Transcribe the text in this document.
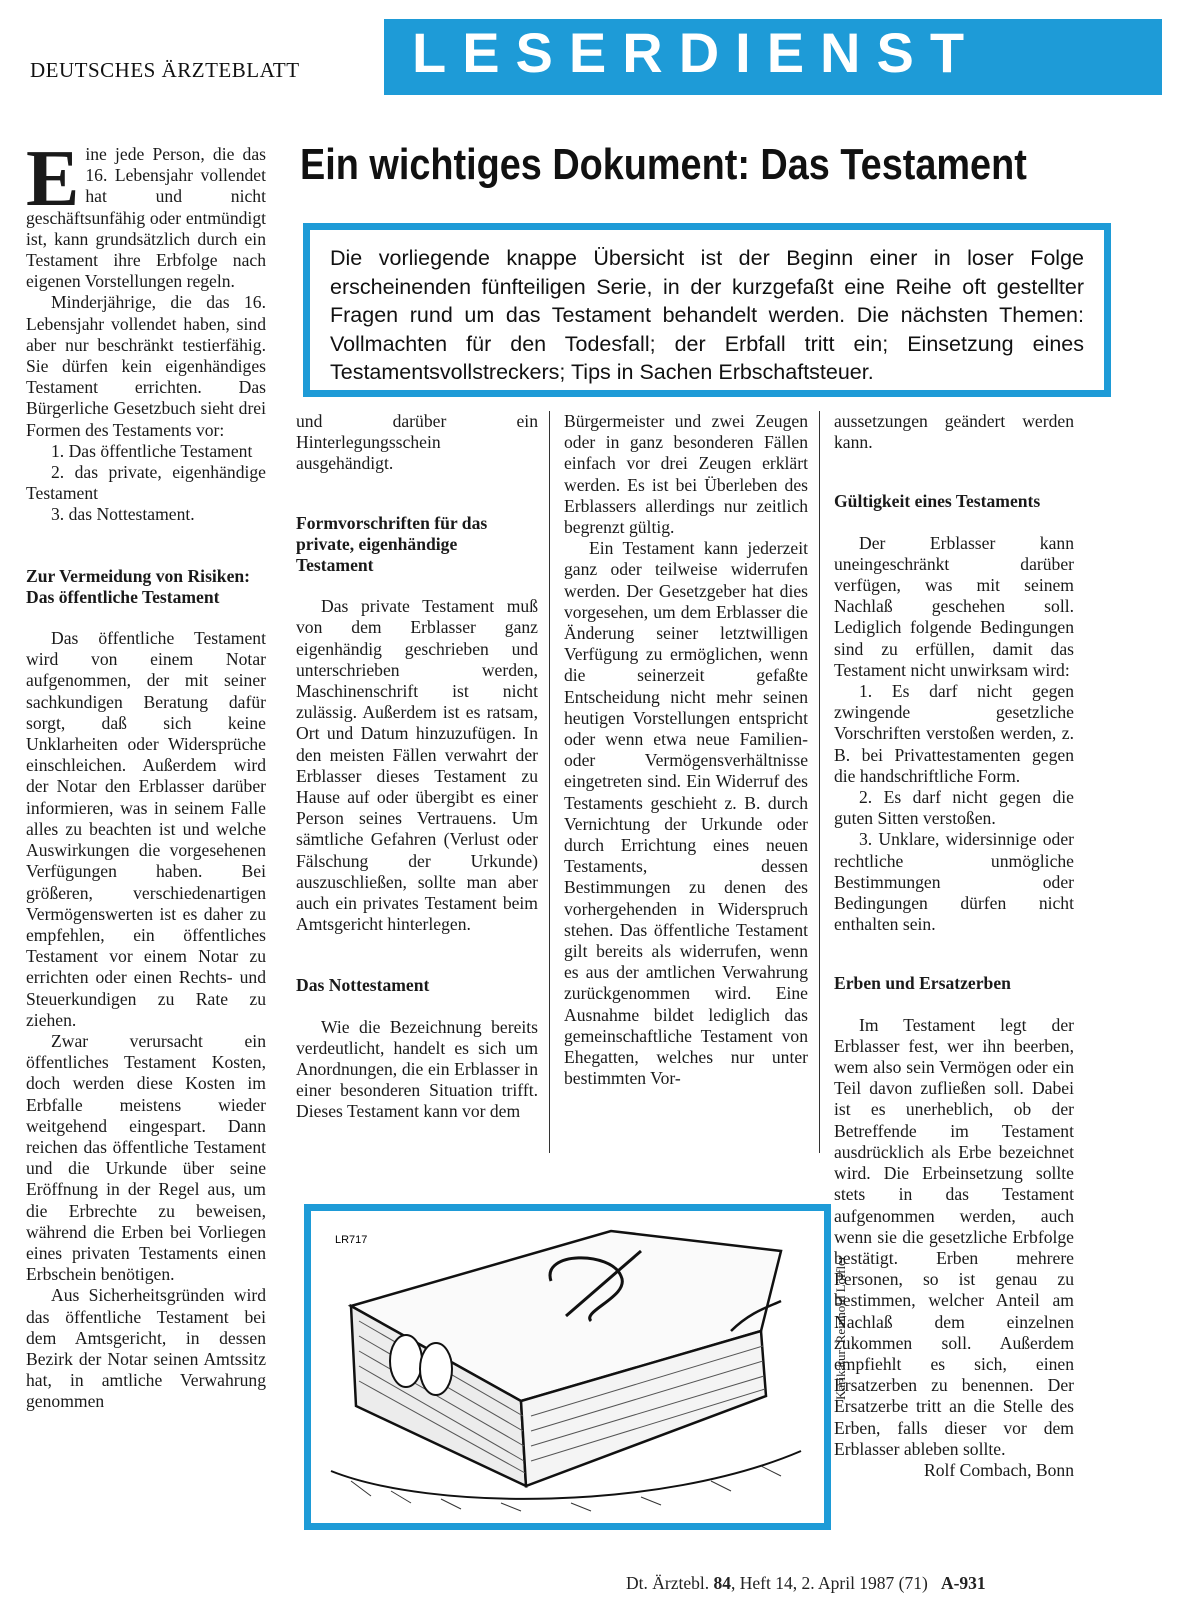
DEUTSCHES ÄRZTEBLATT LESERDIENST
Ein wichtiges Dokument: Das Testament

Die vorliegende knappe Übersicht ist der Beginn einer in loser Folge erscheinenden fünfteiligen Serie, in der kurzgefaßt eine Reihe oft gestellter Fragen rund um das Testament behandelt werden. Die nächsten Themen: Vollmachten für den Todesfall; der Erbfall tritt ein; Einsetzung eines Testamentsvollstreckers; Tips in Sachen Erbschaftsteuer.

Eine jede Person, die das 16. Lebensjahr vollendet hat und nicht geschäftsunfähig oder entmündigt ist, kann grundsätzlich durch ein Testament ihre Erbfolge nach eigenen Vorstellungen regeln.

Minderjährige, die das 16. Lebensjahr vollendet haben, sind aber nur beschränkt testierfähig. Sie dürfen kein eigenhändiges Testament errichten. Das Bürgerliche Gesetzbuch sieht drei Formen des Testaments vor:

1. Das öffentliche Testament
2. das private, eigenhändige Testament
3. das Nottestament.
Zur Vermeidung von Risiken: Das öffentliche Testament

Das öffentliche Testament wird von einem Notar aufgenommen, der mit seiner sachkundigen Beratung dafür sorgt, daß sich keine Unklarheiten oder Widersprüche einschleichen. Außerdem wird der Notar den Erblasser darüber informieren, was in seinem Falle alles zu beachten ist und welche Auswirkungen die vorgesehenen Verfügungen haben. Bei größeren, verschiedenartigen Vermögenswerten ist es daher zu empfehlen, ein öffentliches Testament vor einem Notar zu errichten oder einen Rechts- und Steuerkundigen zu Rate zu ziehen.

Zwar verursacht ein öffentliches Testament Kosten, doch werden diese Kosten im Erbfalle meistens wieder weitgehend eingespart. Dann reichen das öffentliche Testament und die Urkunde über seine Eröffnung in der Regel aus, um die Erbrechte zu beweisen, während die Erben bei Vorliegen eines privaten Testaments einen Erbschein benötigen.

Aus Sicherheitsgründen wird das öffentliche Testament bei dem Amtsgericht, in dessen Bezirk der Notar seinen Amtssitz hat, in amtliche Verwahrung genommen

und darüber ein Hinterlegungsschein ausgehändigt.

Formvorschriften für das private, eigenhändige Testament

Das private Testament muß von dem Erblasser ganz eigenhändig geschrieben und unterschrieben werden, Maschinenschrift ist nicht zulässig. Außerdem ist es ratsam, Ort und Datum hinzuzufügen. In den meisten Fällen verwahrt der Erblasser dieses Testament zu Hause auf oder übergibt es einer Person seines Vertrauens. Um sämtliche Gefahren (Verlust oder Fälschung der Urkunde) auszuschließen, sollte man aber auch ein privates Testament beim Amtsgericht hinterlegen.

Das Nottestament

Wie die Bezeichnung bereits verdeutlicht, handelt es sich um Anordnungen, die ein Erblasser in einer besonderen Situation trifft. Dieses Testament kann vor dem

Bürgermeister und zwei Zeugen oder in ganz besonderen Fällen einfach vor drei Zeugen erklärt werden. Es ist bei Überleben des Erblassers allerdings nur zeitlich begrenzt gültig.

Ein Testament kann jederzeit ganz oder teilweise widerrufen werden. Der Gesetzgeber hat dies vorgesehen, um dem Erblasser die Änderung seiner letztwilligen Verfügung zu ermöglichen, wenn die seinerzeit gefaßte Entscheidung nicht mehr seinen heutigen Vorstellungen entspricht oder wenn etwa neue Familien- oder Vermögensverhältnisse eingetreten sind. Ein Widerruf des Testaments geschieht z. B. durch Vernichtung der Urkunde oder durch Errichtung eines neuen Testaments, dessen Bestimmungen zu denen des vorhergehenden in Widerspruch stehen. Das öffentliche Testament gilt bereits als widerrufen, wenn es aus der amtlichen Verwahrung zurückgenommen wird. Eine Ausnahme bildet lediglich das gemeinschaftliche Testament von Ehegatten, welches nur unter bestimmten Vor-

aussetzungen geändert werden kann.

Gültigkeit eines Testaments

Der Erblasser kann uneingeschränkt darüber verfügen, was mit seinem Nachlaß geschehen soll. Lediglich folgende Bedingungen sind zu erfüllen, damit das Testament nicht unwirksam wird:

1. Es darf nicht gegen zwingende gesetzliche Vorschriften verstoßen werden, z. B. bei Privattestamenten gegen die handschriftliche Form.

2. Es darf nicht gegen die guten Sitten verstoßen.

3. Unklare, widersinnige oder rechtliche unmögliche Bestimmungen oder Bedingungen dürfen nicht enthalten sein.

Erben und Ersatzerben

Im Testament legt der Erblasser fest, wer ihn beerben, wem also sein Vermögen oder ein Teil davon zufließen soll. Dabei ist es unerheblich, ob der Betreffende im Testament ausdrücklich als Erbe bezeichnet wird. Die Erbeinsetzung sollte stets in das Testament aufgenommen werden, auch wenn sie die gesetzliche Erbfolge bestätigt. Erben mehrere Personen, so ist genau zu bestimmen, welcher Anteil am Nachlaß dem einzelnen zukommen soll. Außerdem empfiehlt es sich, einen Ersatzerben zu benennen. Der Ersatzerbe tritt an die Stelle des Erben, falls dieser vor dem Erblasser ableben sollte.

Rolf Combach, Bonn

LR717
Karikatur: Reinhold Löffler
Dt. Ärztebl. 84, Heft 14, 2. April 1987 (71) A-931
